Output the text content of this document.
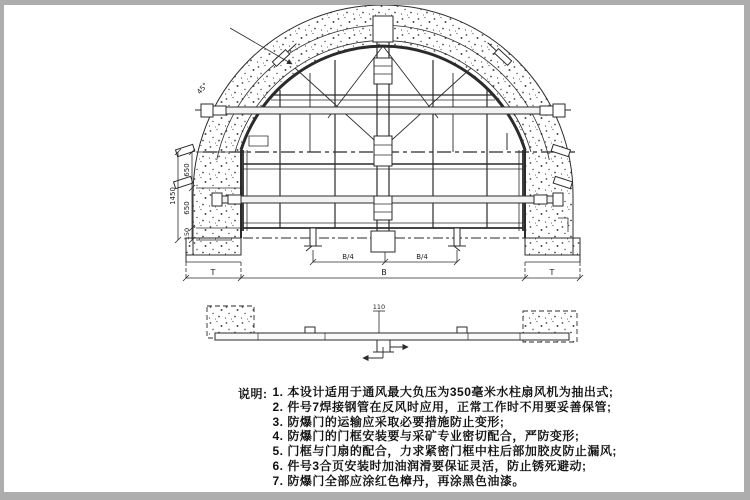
1450
650
650
150
45°
B/4	B/4
T	B	T
110
说明: 1. 本设计适用于通风最大负压为350毫米水柱扇风机为抽出式;
2. 件号7焊接钢管在反风时应用，正常工作时不用要妥善保管;
3. 防爆门的运输应采取必要措施防止变形;
4. 防爆门的门框安装要与采矿专业密切配合，严防变形;
5. 门框与门扇的配合，力求紧密门框中柱后部加胶皮防止漏风;
6. 件号3合页安装时加油润滑要保证灵活，防止锈死避动;
7. 防爆门全部应涂红色樟丹，再涂黑色油漆。
